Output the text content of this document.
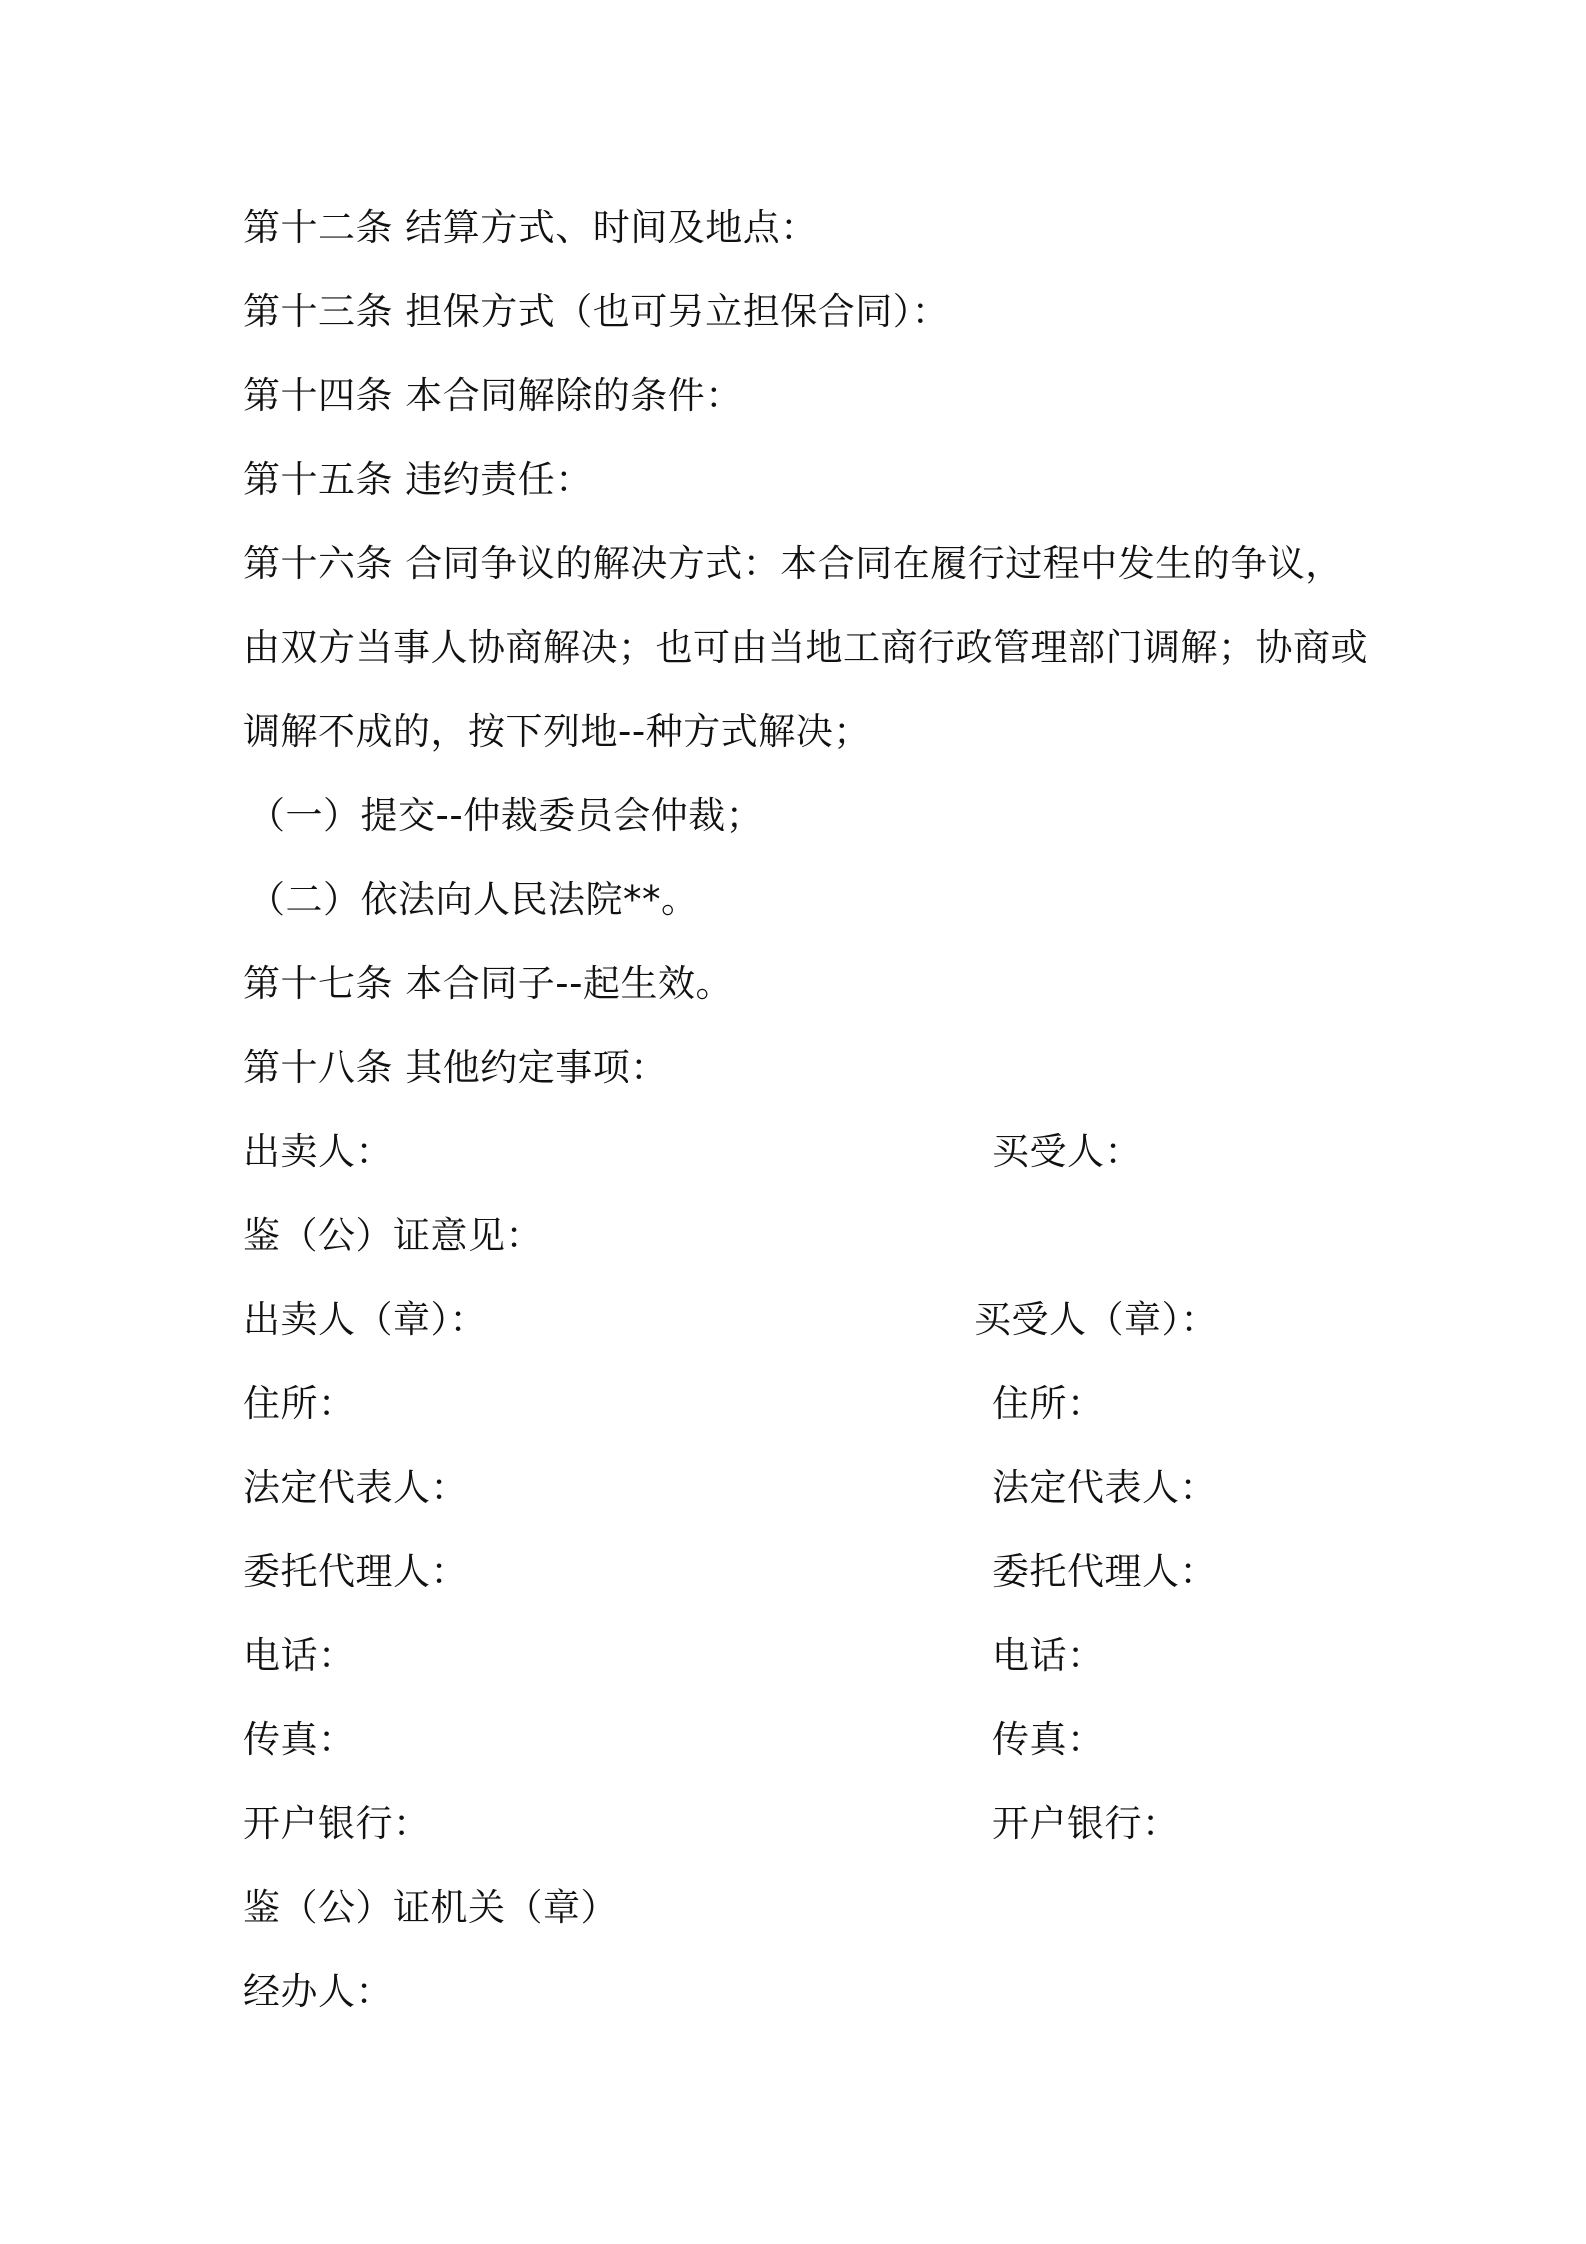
第十二条 结算方式、时间及地点：
第十三条 担保方式（也可另立担保合同）：
第十四条 本合同解除的条件：
第十五条 违约责任：
第十六条 合同争议的解决方式：本合同在履行过程中发生的争议，
由双方当事人协商解决；也可由当地工商行政管理部门调解；协商或
调解不成的，按下列地--种方式解决；
（一）提交--仲裁委员会仲裁；
（二）依法向人民法院**。
第十七条 本合同子--起生效。
第十八条 其他约定事项：
出卖人：	买受人：
鉴（公）证意见：
出卖人（章）：	买受人（章）：
住所：	住所：
法定代表人：	法定代表人：
委托代理人：	委托代理人：
电话：	电话：
传真：	传真：
开户银行：	开户银行：
鉴（公）证机关（章）
经办人：
